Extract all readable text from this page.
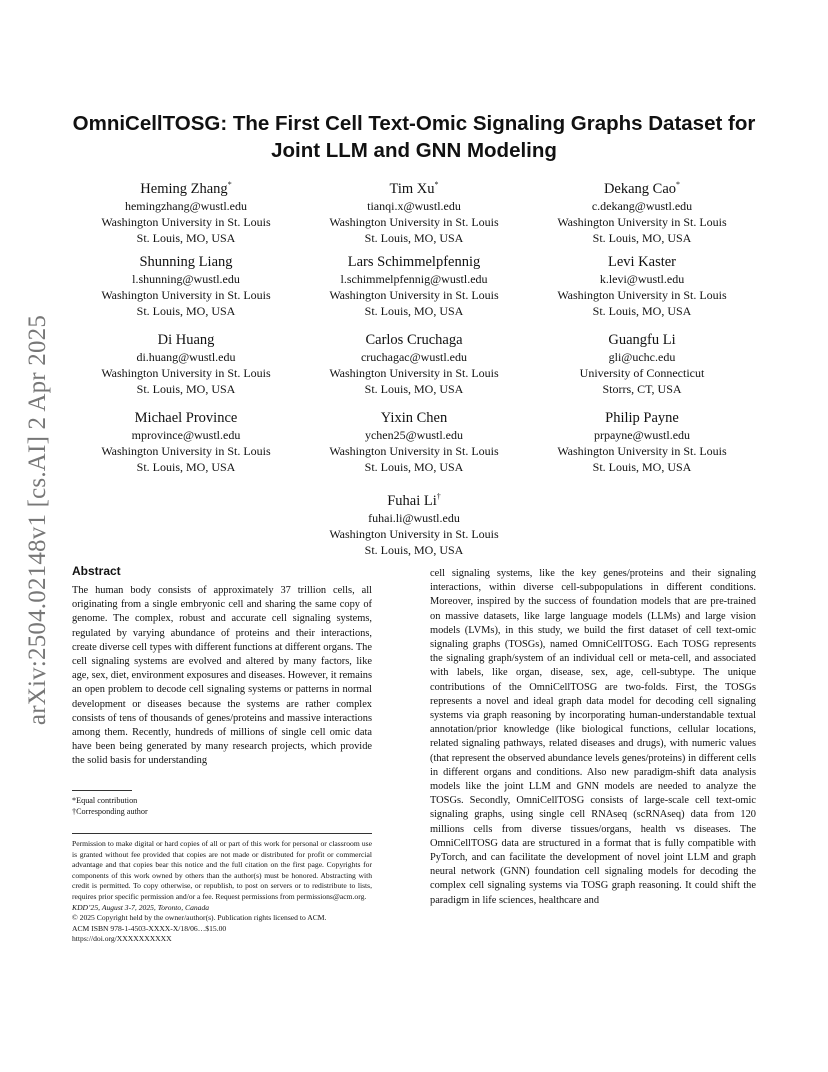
arXiv:2504.02148v1 [cs.AI] 2 Apr 2025
OmniCellTOSG: The First Cell Text-Omic Signaling Graphs Dataset for Joint LLM and GNN Modeling
Heming Zhang*
hemingzhang@wustl.edu
Washington University in St. Louis
St. Louis, MO, USA
Tim Xu*
tianqi.x@wustl.edu
Washington University in St. Louis
St. Louis, MO, USA
Dekang Cao*
c.dekang@wustl.edu
Washington University in St. Louis
St. Louis, MO, USA
Shunning Liang
l.shunning@wustl.edu
Washington University in St. Louis
St. Louis, MO, USA
Lars Schimmelpfennig
l.schimmelpfennig@wustl.edu
Washington University in St. Louis
St. Louis, MO, USA
Levi Kaster
k.levi@wustl.edu
Washington University in St. Louis
St. Louis, MO, USA
Di Huang
di.huang@wustl.edu
Washington University in St. Louis
St. Louis, MO, USA
Carlos Cruchaga
cruchagac@wustl.edu
Washington University in St. Louis
St. Louis, MO, USA
Guangfu Li
gli@uchc.edu
University of Connecticut
Storrs, CT, USA
Michael Province
mprovince@wustl.edu
Washington University in St. Louis
St. Louis, MO, USA
Yixin Chen
ychen25@wustl.edu
Washington University in St. Louis
St. Louis, MO, USA
Philip Payne
prpayne@wustl.edu
Washington University in St. Louis
St. Louis, MO, USA
Fuhai Li†
fuhai.li@wustl.edu
Washington University in St. Louis
St. Louis, MO, USA
Abstract

The human body consists of approximately 37 trillion cells, all originating from a single embryonic cell and sharing the same copy of genome. The complex, robust and accurate cell signaling systems, regulated by varying abundance of proteins and their interactions, create diverse cell types with different functions at different organs. The cell signaling systems are evolved and altered by many factors, like age, sex, diet, environment exposures and diseases. However, it remains an open problem to decode cell signaling systems or patterns in normal development or diseases because the systems are rather complex consists of tens of thousands of genes/proteins and massive interactions among them. Recently, hundreds of millions of single cell omic data have been being generated by many research projects, which provide the solid basis for understanding

cell signaling systems, like the key genes/proteins and their signaling interactions, within diverse cell-subpopulations in different conditions. Moreover, inspired by the success of foundation models that are pre-trained on massive datasets, like large language models (LLMs) and large vision models (LVMs), in this study, we build the first dataset of cell text-omic signaling graphs (TOSGs), named OmniCellTOSG. Each TOSG represents the signaling graph/system of an individual cell or meta-cell, and associated with labels, like organ, disease, sex, age, cell-subtype. The unique contributions of the OmniCellTOSG are two-folds. First, the TOSGs represents a novel and ideal graph data model for decoding cell signaling systems via graph reasoning by incorporating human-understandable textual annotation/prior knowledge (like biological functions, cellular locations, related signaling pathways, related diseases and drugs), with numeric values (that represent the observed abundance levels genes/proteins) in different cells in different organs and conditions. Also new paradigm-shift data analysis models like the joint LLM and GNN models are needed to analyze the TOSGs. Secondly, OmniCellTOSG consists of large-scale cell text-omic signaling graphs, using single cell RNAseq (scRNAseq) data from 120 millions cells from diverse tissues/organs, health vs diseases. The OmniCellTOSG data are structured in a format that is fully compatible with PyTorch, and can facilitate the development of novel joint LLM and graph neural network (GNN) foundation cell signaling models for decoding the complex cell signaling systems via TOSG graph reasoning. It could shift the paradigm in life sciences, healthcare and

*Equal contribution
†Corresponding author

Permission to make digital or hard copies of all or part of this work for personal or classroom use is granted without fee provided that copies are not made or distributed for profit or commercial advantage and that copies bear this notice and the full citation on the first page. Copyrights for components of this work owned by others than the author(s) must be honored. Abstracting with credit is permitted. To copy otherwise, or republish, to post on servers or to redistribute to lists, requires prior specific permission and/or a fee. Request permissions from permissions@acm.org.

KDD’25, August 3-7, 2025, Toronto, Canada

© 2025 Copyright held by the owner/author(s). Publication rights licensed to ACM.

ACM ISBN 978-1-4503-XXXX-X/18/06…$15.00

https://doi.org/XXXXXXXXXX
